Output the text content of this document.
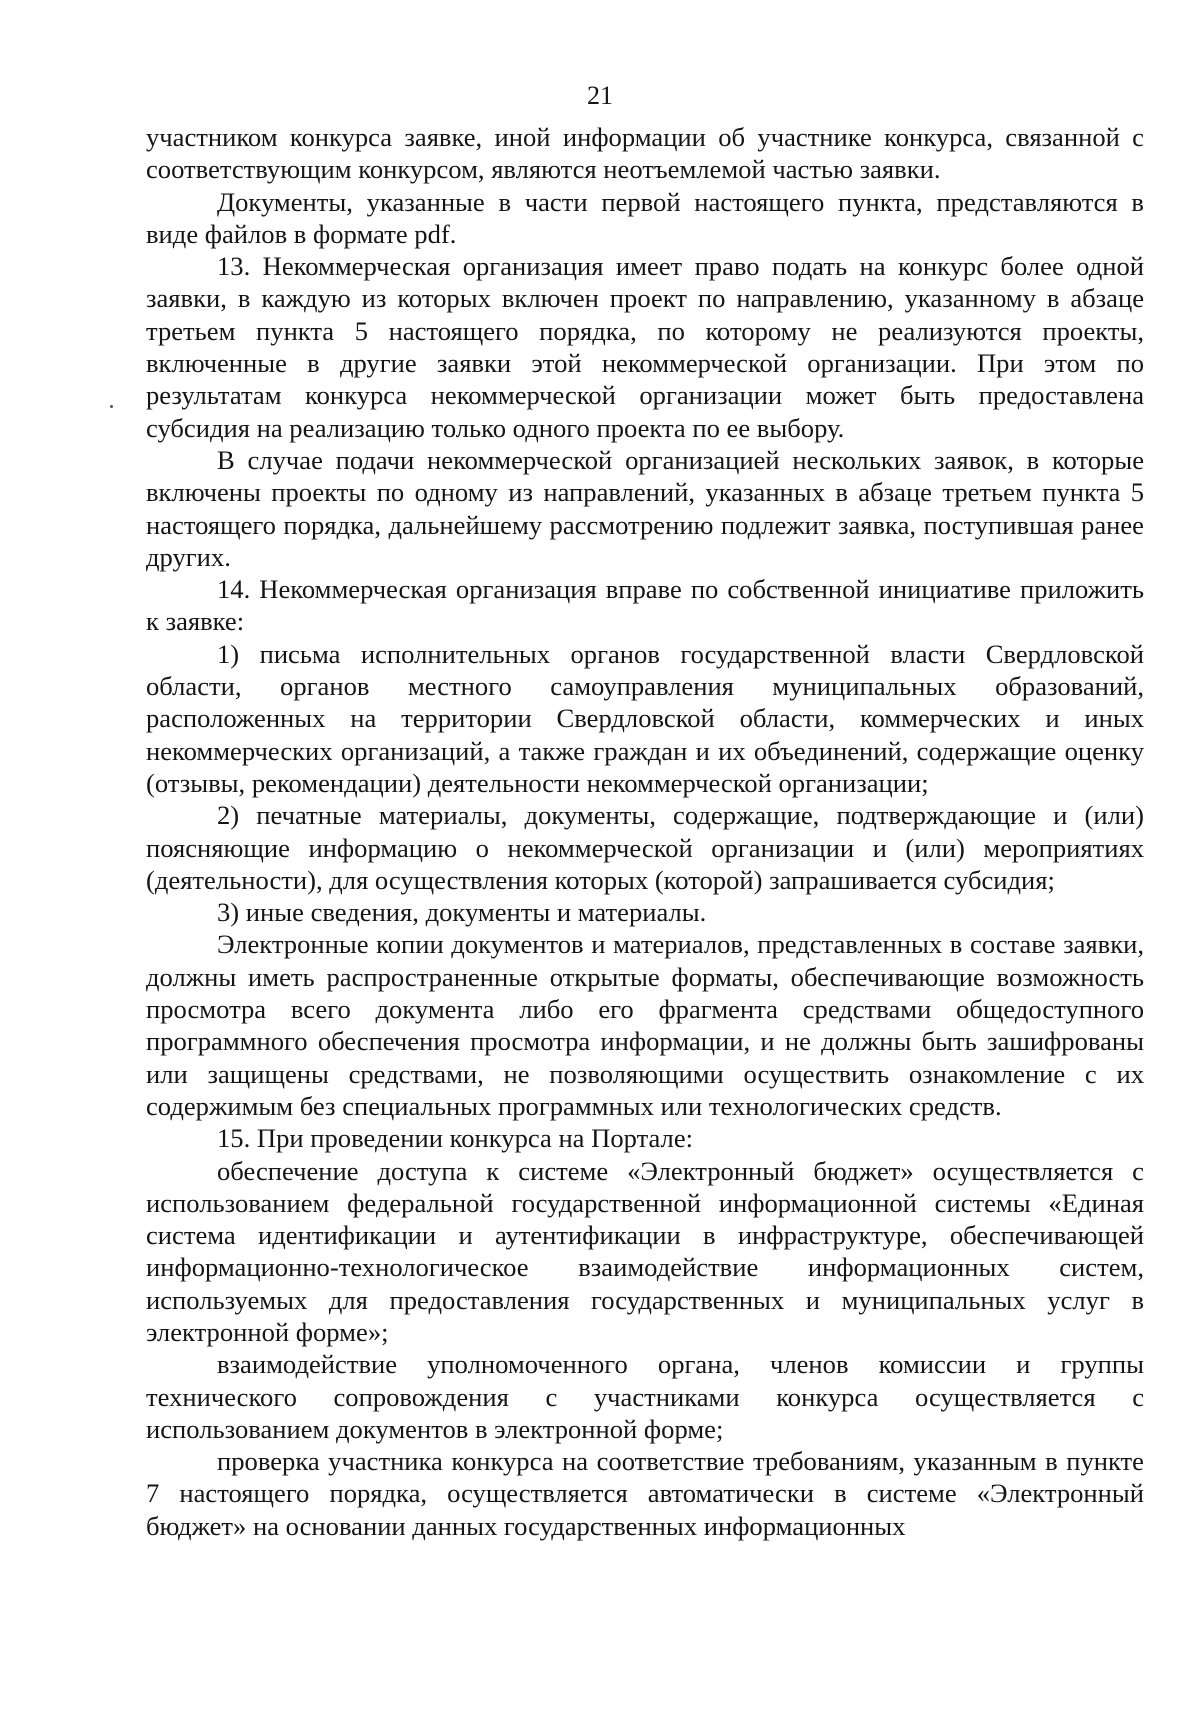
21

участником конкурса заявке, иной информации об участнике конкурса, связанной с соответствующим конкурсом, являются неотъемлемой частью заявки.

Документы, указанные в части первой настоящего пункта, представляются в виде файлов в формате pdf.

13. Некоммерческая организация имеет право подать на конкурс более одной заявки, в каждую из которых включен проект по направлению, указанному в абзаце третьем пункта 5 настоящего порядка, по которому не реализуются проекты, включенные в другие заявки этой некоммерческой организации. При этом по результатам конкурса некоммерческой организации может быть предоставлена субсидия на реализацию только одного проекта по ее выбору.

В случае подачи некоммерческой организацией нескольких заявок, в которые включены проекты по одному из направлений, указанных в абзаце третьем пункта 5 настоящего порядка, дальнейшему рассмотрению подлежит заявка, поступившая ранее других.

14. Некоммерческая организация вправе по собственной инициативе приложить к заявке:

1) письма исполнительных органов государственной власти Свердловской области, органов местного самоуправления муниципальных образований, расположенных на территории Свердловской области, коммерческих и иных некоммерческих организаций, а также граждан и их объединений, содержащие оценку (отзывы, рекомендации) деятельности некоммерческой организации;

2) печатные материалы, документы, содержащие, подтверждающие и (или) поясняющие информацию о некоммерческой организации и (или) мероприятиях (деятельности), для осуществления которых (которой) запрашивается субсидия;

3) иные сведения, документы и материалы.

Электронные копии документов и материалов, представленных в составе заявки, должны иметь распространенные открытые форматы, обеспечивающие возможность просмотра всего документа либо его фрагмента средствами общедоступного программного обеспечения просмотра информации, и не должны быть зашифрованы или защищены средствами, не позволяющими осуществить ознакомление с их содержимым без специальных программных или технологических средств.

15. При проведении конкурса на Портале:

обеспечение доступа к системе «Электронный бюджет» осуществляется с использованием федеральной государственной информационной системы «Единая система идентификации и аутентификации в инфраструктуре, обеспечивающей информационно-технологическое взаимодействие информационных систем, используемых для предоставления государственных и муниципальных услуг в электронной форме»;

взаимодействие уполномоченного органа, членов комиссии и группы технического сопровождения с участниками конкурса осуществляется с использованием документов в электронной форме;

проверка участника конкурса на соответствие требованиям, указанным в пункте 7 настоящего порядка, осуществляется автоматически в системе «Электронный бюджет» на основании данных государственных информационных
